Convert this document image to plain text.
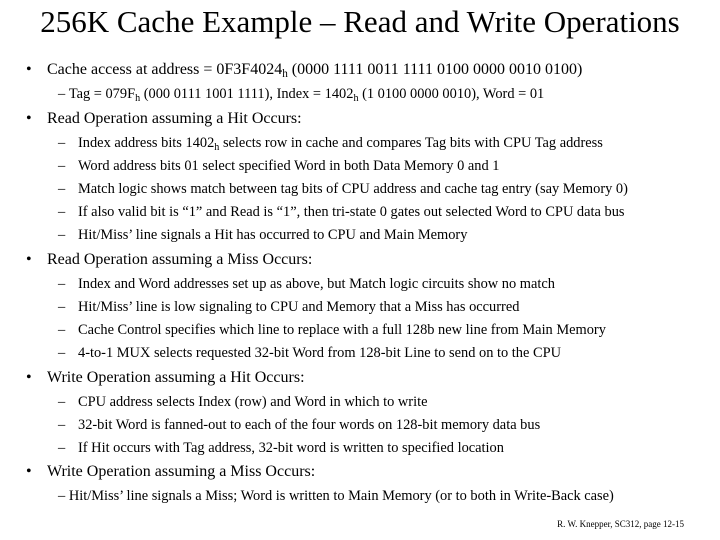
256K Cache Example – Read and Write Operations
• Cache access at address = $0F3F4024_h$ (0000 1111 0011 1111 0100 0000 0010 0100)
– Tag = $079F_h$ (000 0111 1001 1111), Index = $1402_h$ (1 0100 0000 0010), Word = 01
• Read Operation assuming a Hit Occurs:
– Index address bits $1402_h$ selects row in cache and compares Tag bits with CPU Tag address
– Word address bits 01 select specified Word in both Data Memory 0 and 1
– Match logic shows match between tag bits of CPU address and cache tag entry (say Memory 0)
– If also valid bit is “1” and Read is “1”, then tri-state 0 gates out selected Word to CPU data bus
– Hit/Miss’ line signals a Hit has occurred to CPU and Main Memory
• Read Operation assuming a Miss Occurs:
– Index and Word addresses set up as above, but Match logic circuits show no match
– Hit/Miss’ line is low signaling to CPU and Memory that a Miss has occurred
– Cache Control specifies which line to replace with a full 128b new line from Main Memory
– 4-to-1 MUX selects requested 32-bit Word from 128-bit Line to send on to the CPU
• Write Operation assuming a Hit Occurs:
– CPU address selects Index (row) and Word in which to write
– 32-bit Word is fanned-out to each of the four words on 128-bit memory data bus
– If Hit occurs with Tag address, 32-bit word is written to specified location
• Write Operation assuming a Miss Occurs:
– Hit/Miss’ line signals a Miss; Word is written to Main Memory (or to both in Write-Back case)
R. W. Knepper, SC312, page 12-15
